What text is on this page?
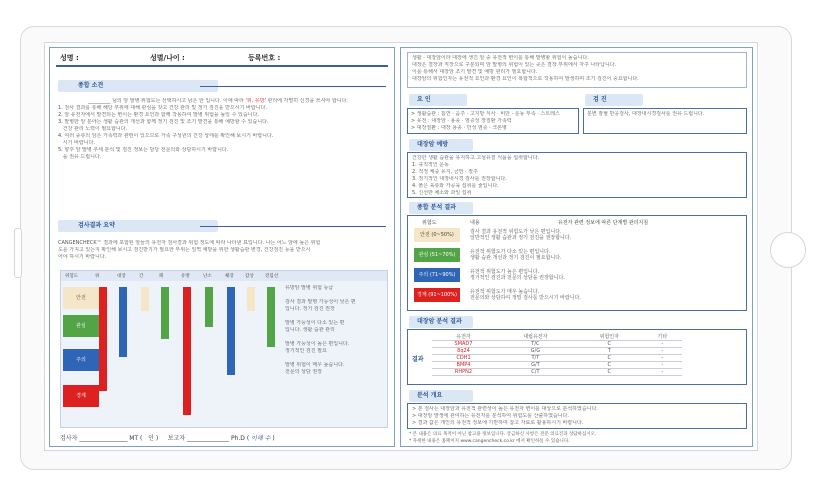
성명 :	성별/나이 :	등록번호 :
종합 소견
_________ 님의 암 발병 위험도는 선택하시고 남은 한 입니다. 이에 따라 '위, 유방' 관리에 각별히 신경을 쓰셔야 합니다.
1. 검사 결과를 통해 해당 부위에 대해 관심을 갖고 건강 관리 및 정기 검진을 받으시기 바랍니다.
2. 암 유전자에서 발견되는 변이는 환경 요인과 함께 작용하여 발병 위험을 높일 수 있습니다.
3. 발병한 암 분야는 생활 습관의 개선과 함께 정기 검진 및 조기 발견을 통해 예방할 수 있습니다.
건강 관리 노력이 필요합니다.
4. 여러 종류의 암은 가족력과 관련이 있으므로 가족 구성원의 건강 상태를 확인해 보시기 바랍니다.
시기 바랍니다.
5. 향후 암 발병 추세 분석 및 검진 정보는 담당 전문의와 상담하시기 바랍니다.
을 권유 드립니다.
검사결과 요약
CANGENCHECK™ 결과에 포함된 암들의 유전자 검사결과 위험 정도에 따라 나타낸 표입니다. 나는 어느 암에 높은 위험
도를 가지고 있는지 확인해 보시고 검진받기가 필요한 부위는 일찍 예방을 위한 생활습관 변경, 건강검진 등을 받으시
어야 하시기 바랍니다.
위험도	위	대장	간	폐	유방	난소	췌장	갑상	전립선
안전
관심
주의
경계
유방암 발병 위험 등급

검사 결과 발병 가능성이 낮은 편
입니다. 정기 검진 권장

발병 가능성이 다소 있는 편
입니다. 생활 습관 관리

발병 가능성이 높은 편입니다.
정기적인 검진 필요

발병 위험이 매우 높습니다.
전문의 상담 권장
검사자 ________________ MT ( 인 ) 보고자 ______________ Ph.D ( 이해 수 )
생활 · 대장암이라 대장에 생긴 암 중 유전적 변이를 통해 발병할 위험이 높습니다.
대장은 결장과 직장으로 구분되며 암 발병의 위험이 있는 곳은 결장 부위에서 자주 나타납니다.
이를 통해서 대장암 조기 발견 및 예방 관리가 필요합니다.
대장암의 위험인자는 유전적 요인과 환경 요인이 복합적으로 작용하여 발생하며 조기 검진이 중요합니다.
요 인	검 진
> 생활습관 : 흡연 · 음주 · 고지방 식사 · 비만 · 운동 부족 · 스트레스
> 유전 : 대장암 · 용종 · 염증성 장질환 가족력
> 대장질환 : 대장 용종 · 만성 염증 · 크론병
분변 잠혈 반응검사, 대장내시경검사를 권유 드립니다.
대장암 예방
건강한 생활 습관을 유지하고 고섬유질 식품을 섭취합니다.
1. 규칙적인 운동
2. 적정 체중 유지, 금연 · 절주
3. 정기적인 대장내시경 검사를 권장합니다.
4. 붉은 육류와 가공육 섭취를 줄입니다.
5. 신선한 채소와 과일 섭취
종합 분석 결과
위험도	내용	유전자 관련 정보에 따른 단계별 관리지침
안전 (0~50%)	검사 결과 유전적 위험도가 낮은 편입니다.
일반적인 생활 습관과 정기 검진을 권장합니다.
관심 (51~70%)	유전적 위험도가 다소 있는 편입니다.
생활 습관 개선과 정기 검진이 필요합니다.
주의 (71~90%)	유전적 위험도가 높은 편입니다.
정기적인 검진과 전문의 상담을 권장합니다.
경계 (91~100%)	유전적 위험도가 매우 높습니다.
전문의와 상담하여 정밀 검사를 받으시기 바랍니다.
대장암 분석 결과
결과
유전자	대립유전자	위험인자	기타
SMAD7	T/C	C	-
8q24	G/G	T	-
CDH1	T/T	C	-
BMP4	G/T	C	-
RHPN2	C/T	C	-
분석 개요
> 본 검사는 대장암과 유전적 관련성이 높은 유전자 변이를 대상으로 분석하였습니다.
> 대장암 발생에 관여하는 유전자를 분석하여 위험도를 산출하였습니다.
> 결과 값은 개인의 유전적 정보에 기반하며 참고 자료로 활용하시기 바랍니다.
* 본 내용은 의료 목적이 아닌 참고용 정보입니다. 궁금하신 사항은 전문 의료진과 상담하십시오.
* 자세한 내용은 홈페이지 www.cangencheck.co.kr 에서 확인하실 수 있습니다.
